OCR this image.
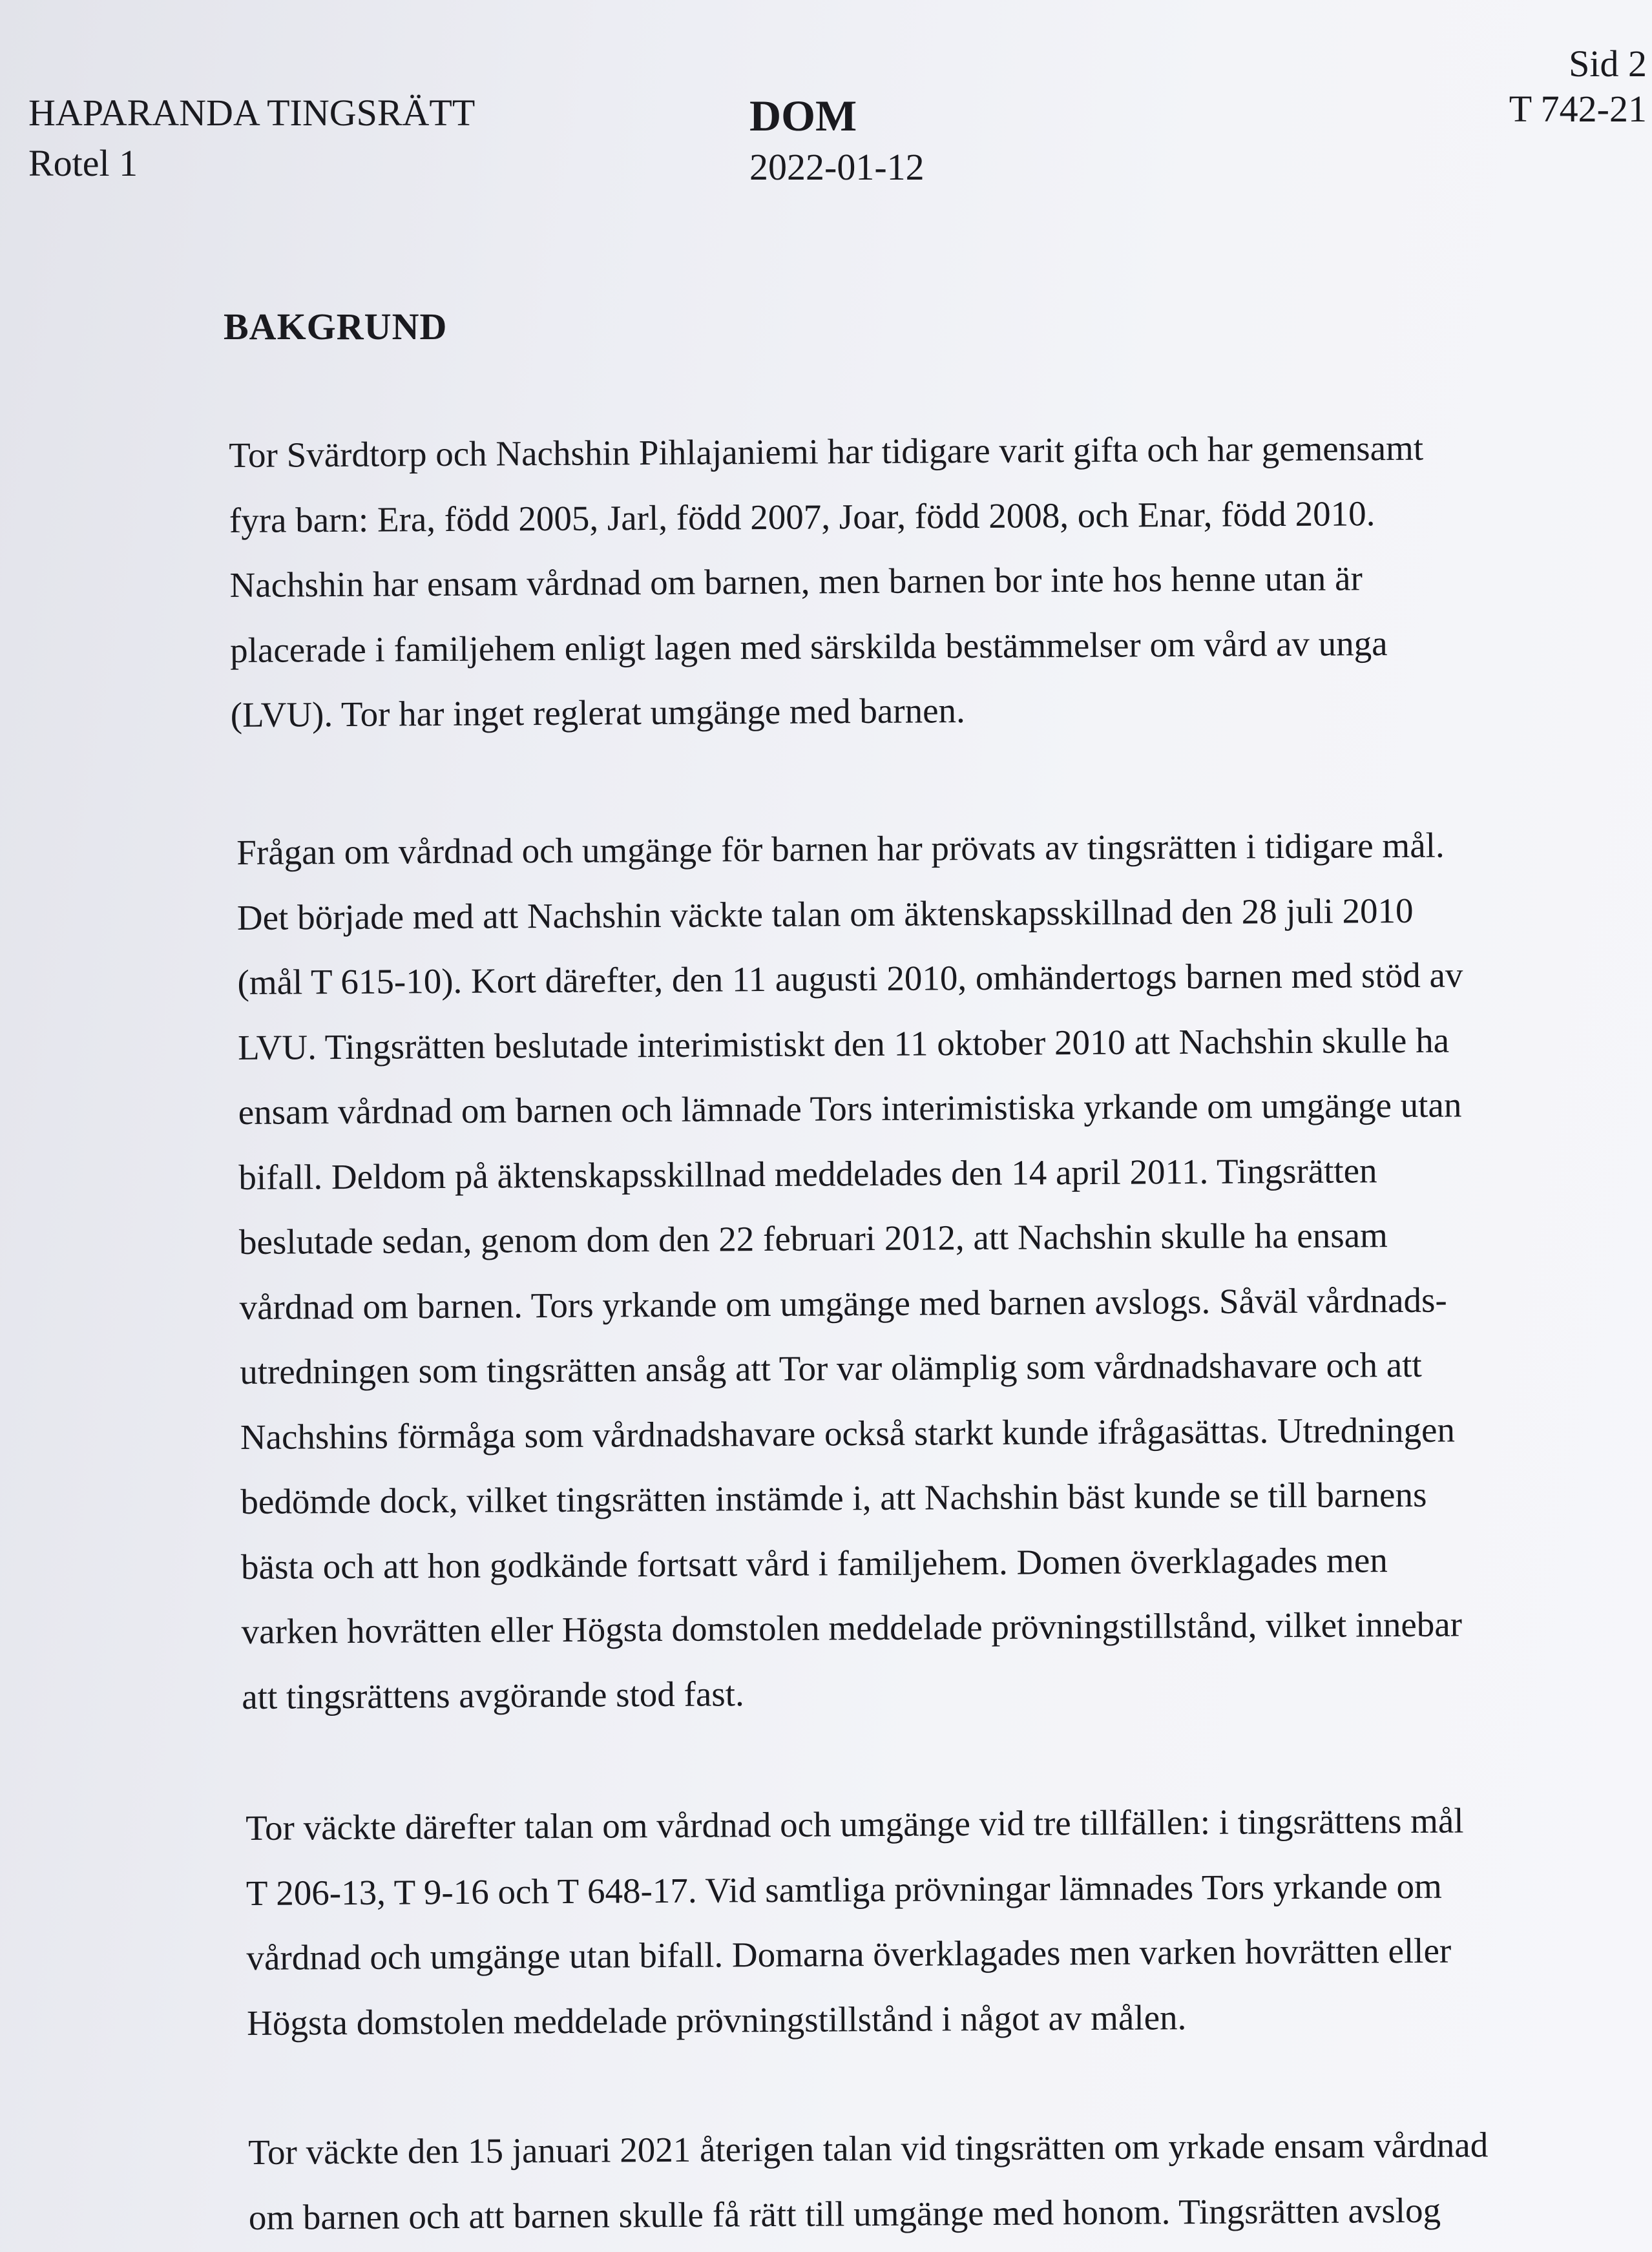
HAPARANDA TINGSRÄTT
Rotel 1
DOM
2022-01-12
Sid 2
T 742-21
BAKGRUND
Tor Svärdtorp och Nachshin Pihlajaniemi har tidigare varit gifta och har gemensamt
fyra barn: Era, född 2005, Jarl, född 2007, Joar, född 2008, och Enar, född 2010.
Nachshin har ensam vårdnad om barnen, men barnen bor inte hos henne utan är
placerade i familjehem enligt lagen med särskilda bestämmelser om vård av unga
(LVU). Tor har inget reglerat umgänge med barnen.
Frågan om vårdnad och umgänge för barnen har prövats av tingsrätten i tidigare mål.
Det började med att Nachshin väckte talan om äktenskapsskillnad den 28 juli 2010
(mål T 615-10). Kort därefter, den 11 augusti 2010, omhändertogs barnen med stöd av
LVU. Tingsrätten beslutade interimistiskt den 11 oktober 2010 att Nachshin skulle ha
ensam vårdnad om barnen och lämnade Tors interimistiska yrkande om umgänge utan
bifall. Deldom på äktenskapsskillnad meddelades den 14 april 2011. Tingsrätten
beslutade sedan, genom dom den 22 februari 2012, att Nachshin skulle ha ensam
vårdnad om barnen. Tors yrkande om umgänge med barnen avslogs. Såväl vårdnads-
utredningen som tingsrätten ansåg att Tor var olämplig som vårdnadshavare och att
Nachshins förmåga som vårdnadshavare också starkt kunde ifrågasättas. Utredningen
bedömde dock, vilket tingsrätten instämde i, att Nachshin bäst kunde se till barnens
bästa och att hon godkände fortsatt vård i familjehem. Domen överklagades men
varken hovrätten eller Högsta domstolen meddelade prövningstillstånd, vilket innebar
att tingsrättens avgörande stod fast.
Tor väckte därefter talan om vårdnad och umgänge vid tre tillfällen: i tingsrättens mål
T 206-13, T 9-16 och T 648-17. Vid samtliga prövningar lämnades Tors yrkande om
vårdnad och umgänge utan bifall. Domarna överklagades men varken hovrätten eller
Högsta domstolen meddelade prövningstillstånd i något av målen.
Tor väckte den 15 januari 2021 återigen talan vid tingsrätten om yrkade ensam vårdnad
om barnen och att barnen skulle få rätt till umgänge med honom. Tingsrätten avslog
